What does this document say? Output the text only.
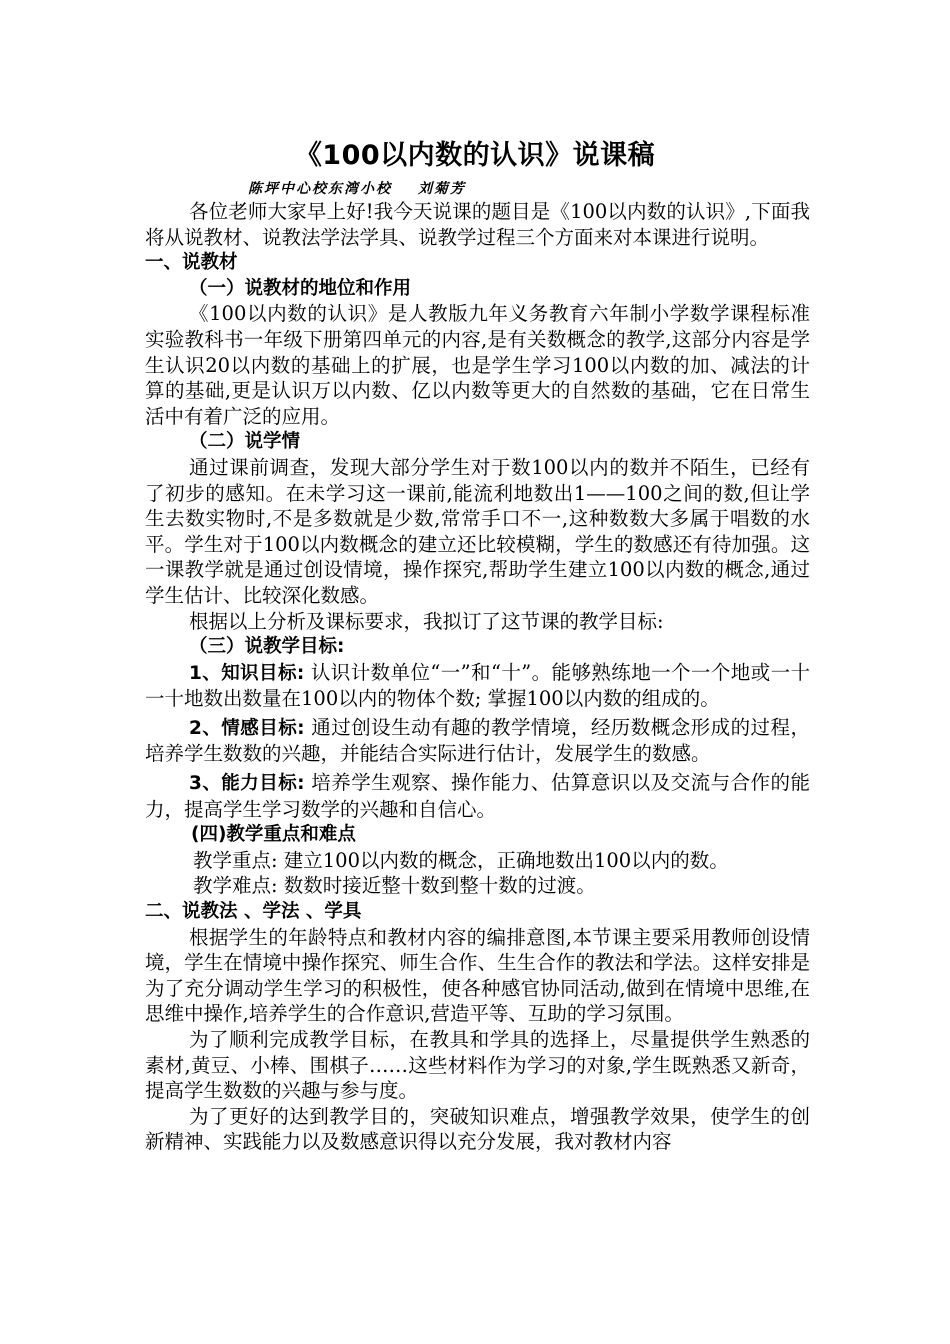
《100以内数的认识》说课稿
陈坪中心校东湾小校 刘菊芳

各位老师大家早上好!我今天说课的题目是《100以内数的认识》,下面我将从说教材、说教法学法学具、说教学过程三个方面来对本课进行说明。

一、说教材

（一）说教材的地位和作用

《100以内数的认识》是人教版九年义务教育六年制小学数学课程标准实验教科书一年级下册第四单元的内容,是有关数概念的教学,这部分内容是学生认识20以内数的基础上的扩展，也是学生学习100以内数的加、减法的计算的基础,更是认识万以内数、亿以内数等更大的自然数的基础，它在日常生活中有着广泛的应用。

（二）说学情

通过课前调查，发现大部分学生对于数100以内的数并不陌生，已经有了初步的感知。在未学习这一课前,能流利地数出1——100之间的数,但让学生去数实物时,不是多数就是少数,常常手口不一,这种数数大多属于唱数的水平。学生对于100以内数概念的建立还比较模糊，学生的数感还有待加强。这一课教学就是通过创设情境，操作探究,帮助学生建立100以内数的概念,通过学生估计、比较深化数感。

根据以上分析及课标要求，我拟订了这节课的教学目标:

（三）说教学目标:

1、知识目标: 认识计数单位“一”和“十”。能够熟练地一个一个地或一十一十地数出数量在100以内的物体个数; 掌握100以内数的组成的。

2、情感目标: 通过创设生动有趣的教学情境，经历数概念形成的过程，培养学生数数的兴趣，并能结合实际进行估计，发展学生的数感。

3、能力目标: 培养学生观察、操作能力、估算意识以及交流与合作的能力，提高学生学习数学的兴趣和自信心。

(四)教学重点和难点

教学重点: 建立100以内数的概念，正确地数出100以内的数。

教学难点: 数数时接近整十数到整十数的过渡。

二、说教法 、学法 、学具

根据学生的年龄特点和教材内容的编排意图,本节课主要采用教师创设情境，学生在情境中操作探究、师生合作、生生合作的教法和学法。这样安排是为了充分调动学生学习的积极性，使各种感官协同活动,做到在情境中思维,在思维中操作,培养学生的合作意识,营造平等、互助的学习氛围。

为了顺利完成教学目标，在教具和学具的选择上，尽量提供学生熟悉的素材,黄豆、小棒、围棋子……这些材料作为学习的对象,学生既熟悉又新奇，提高学生数数的兴趣与参与度。

为了更好的达到教学目的，突破知识难点，增强教学效果，使学生的创新精神、实践能力以及数感意识得以充分发展，我对教材内容
